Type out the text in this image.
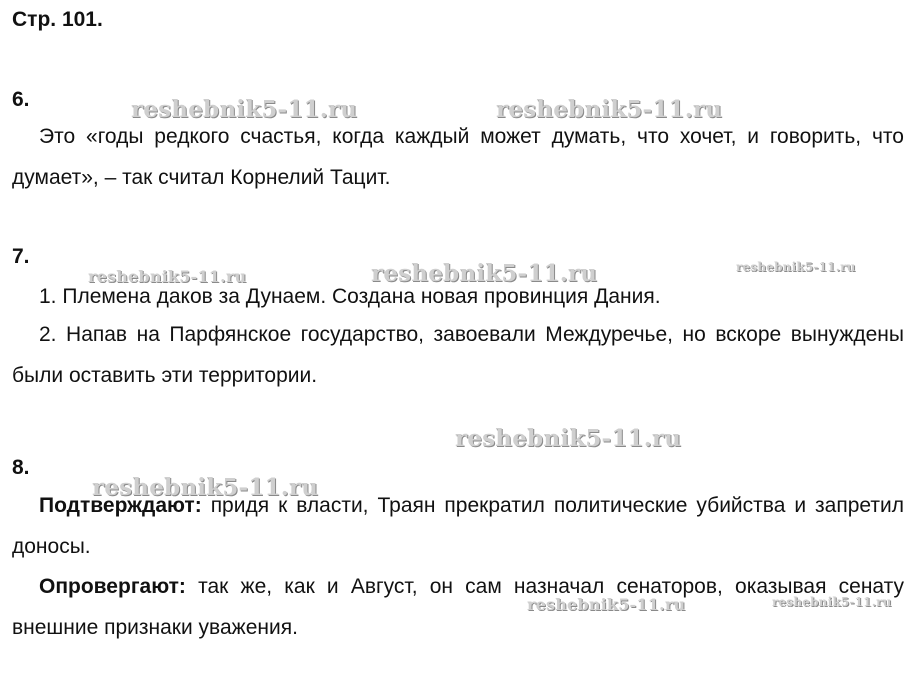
Стр. 101.
6.
Это «годы редкого счастья, когда каждый может думать, что хочет, и говорить, что думает», – так считал Корнелий Тацит.
7.
1. Племена даков за Дунаем. Создана новая провинция Дания.
2. Напав на Парфянское государство, завоевали Междуречье, но вскоре вынуждены были оставить эти территории.
8.
Подтверждают: придя к власти, Траян прекратил политические убийства и запретил доносы.
Опровергают: так же, как и Август, он сам назначал сенаторов, оказывая сенату внешние признаки уважения.
reshebnik5-11.ru	reshebnik5-11.ru
reshebnik5-11.ru	reshebnik5-11.ru	reshebnik5-11.ru
reshebnik5-11.ru
reshebnik5-11.ru
reshebnik5-11.ru	reshebnik5-11.ru
